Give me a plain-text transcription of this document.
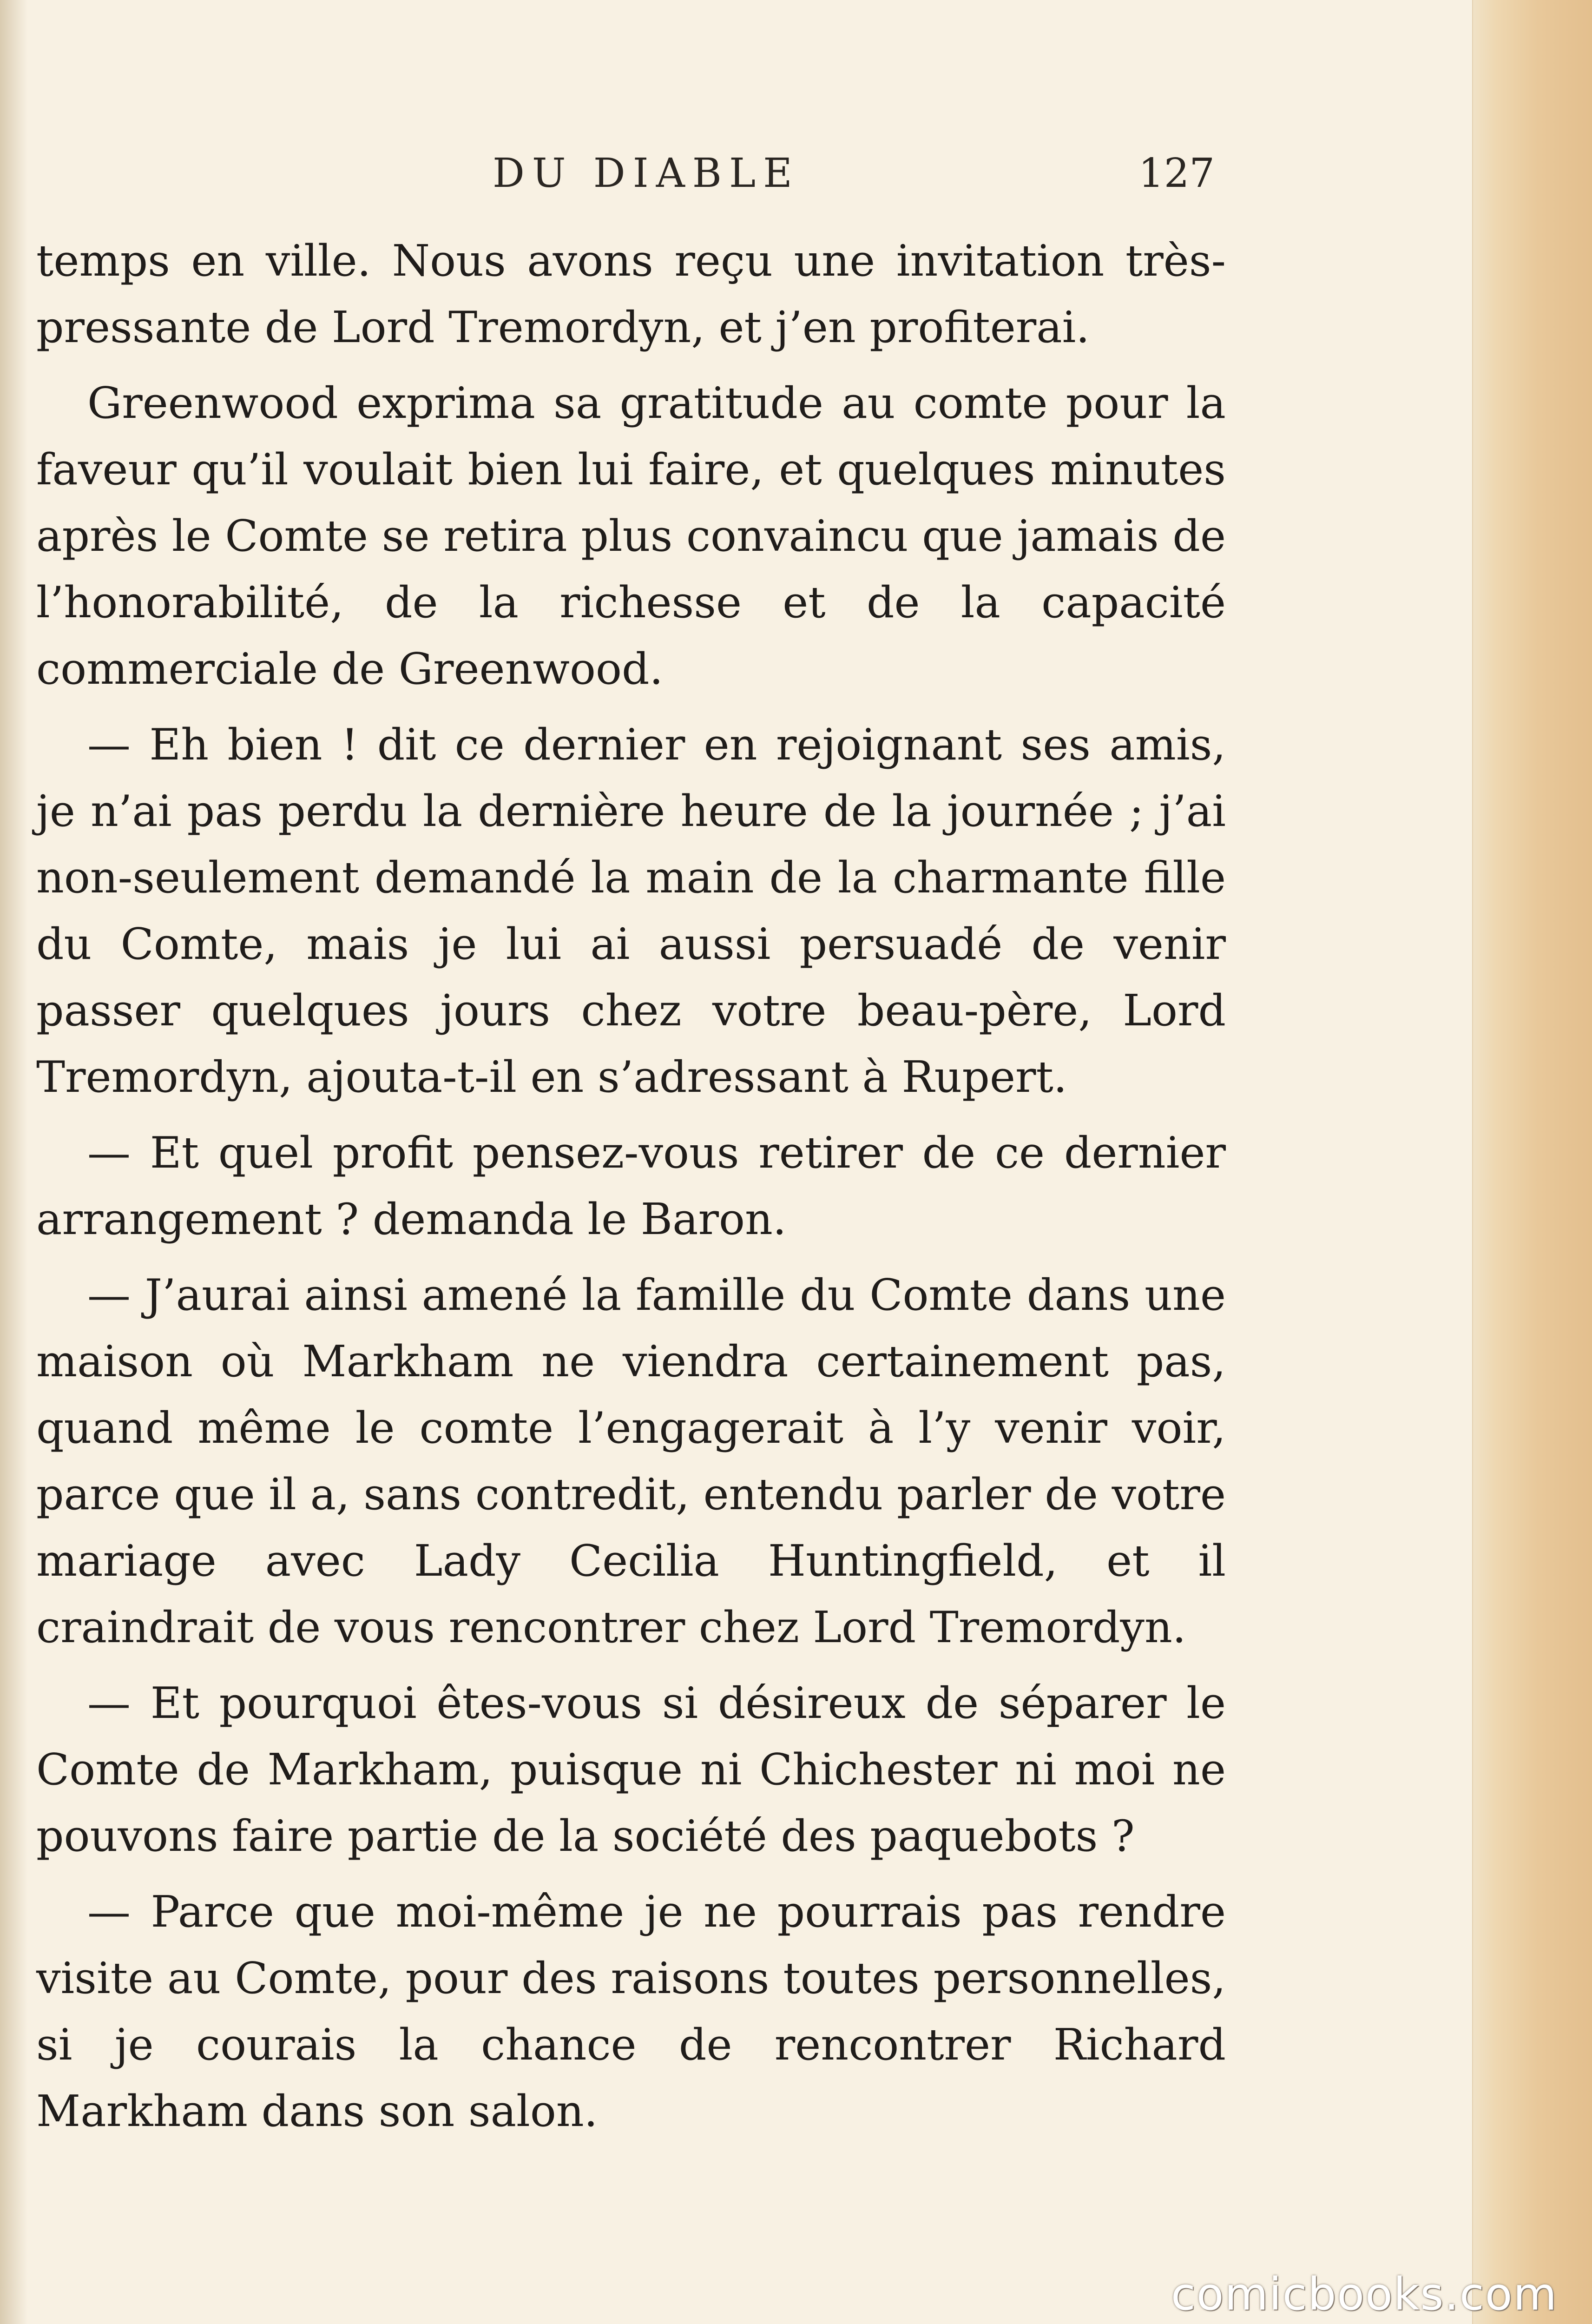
DU DIABLE	127

temps en ville. Nous avons reçu une invitation très-pressante de Lord Tremordyn, et j’en profiterai.

Greenwood exprima sa gratitude au comte pour la faveur qu’il voulait bien lui faire, et quelques minutes après le Comte se retira plus convaincu que jamais de l’honorabilité, de la richesse et de la capacité commerciale de Greenwood.

— Eh bien ! dit ce dernier en rejoignant ses amis, je n’ai pas perdu la dernière heure de la journée ; j’ai non-seulement demandé la main de la charmante fille du Comte, mais je lui ai aussi persuadé de venir passer quelques jours chez votre beau-père, Lord Tremordyn, ajouta-t-il en s’adressant à Rupert.

— Et quel profit pensez-vous retirer de ce dernier arrangement ? demanda le Baron.

— J’aurai ainsi amené la famille du Comte dans une maison où Markham ne viendra certainement pas, quand même le comte l’engagerait à l’y venir voir, parce que il a, sans contredit, entendu parler de votre mariage avec Lady Cecilia Huntingfield, et il craindrait de vous rencontrer chez Lord Tremordyn.

— Et pourquoi êtes-vous si désireux de séparer le Comte de Markham, puisque ni Chichester ni moi ne pouvons faire partie de la société des paquebots ?

— Parce que moi-même je ne pourrais pas rendre visite au Comte, pour des raisons toutes personnelles, si je courais la chance de rencontrer Richard Markham dans son salon.

comicbooks.com
